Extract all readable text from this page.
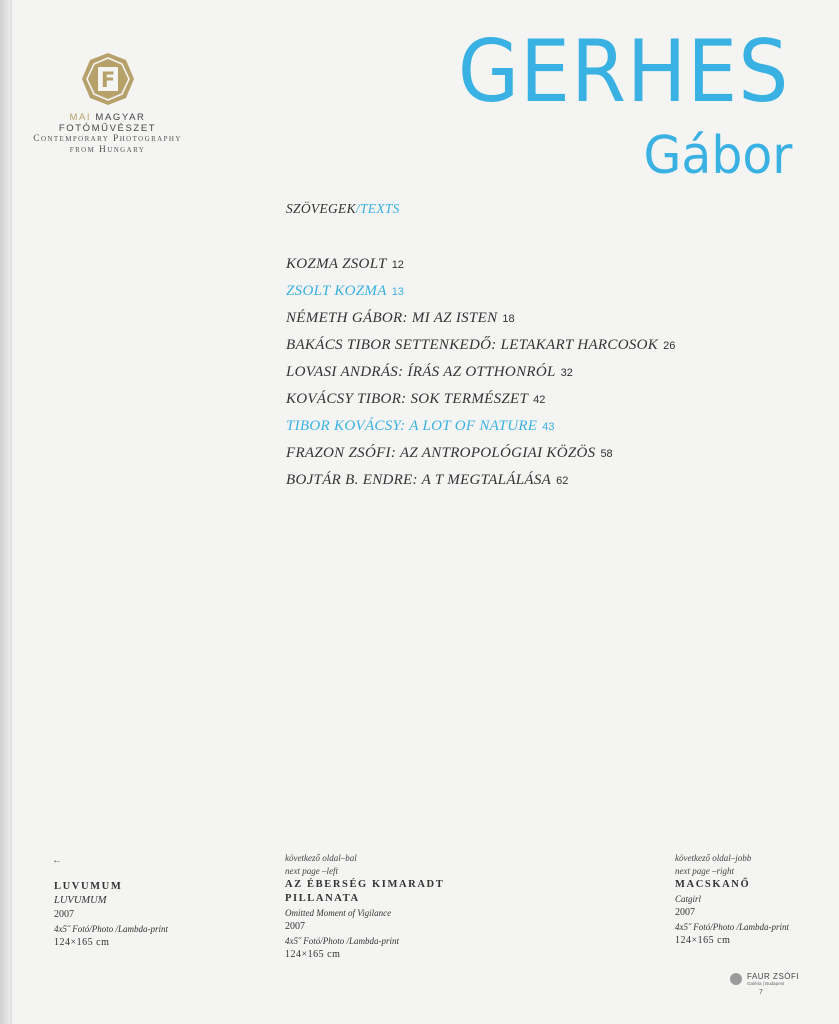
F
MAI MAGYAR FOTÓMŰVÉSZET
Contemporary Photography
from Hungary
GERHES
Gábor
SZÖVEGEK/TEXTS
KOZMA ZSOLT 12
ZSOLT KOZMA 13
NÉMETH GÁBOR: MI AZ ISTEN 18
BAKÁCS TIBOR SETTENKEDŐ: LETAKART HARCOSOK 26
LOVASI ANDRÁS: ÍRÁS AZ OTTHONRÓL 32
KOVÁCSY TIBOR: SOK TERMÉSZET 42
TIBOR KOVÁCSY: A LOT OF NATURE 43
FRAZON ZSÓFI: AZ ANTROPOLÓGIAI KÖZÖS 58
BOJTÁR B. ENDRE: A T MEGTALÁLÁSA 62
←
LUVUMUM
LUVUMUM
2007
4x5˝ Fotó/Photo /Lambda-print
124×165 cm
következő oldal–bal
next page –left
AZ ÉBERSÉG KIMARADT
PILLANATA
Omitted Moment of Vigilance
2007
4x5˝ Fotó/Photo /Lambda-print
124×165 cm
következő oldal–jobb
next page –right
MACSKANŐ
Catgirl
2007
4x5˝ Fotó/Photo /Lambda-print
124×165 cm
FAUR ZSÓFI
Galéria | Budapest
7
